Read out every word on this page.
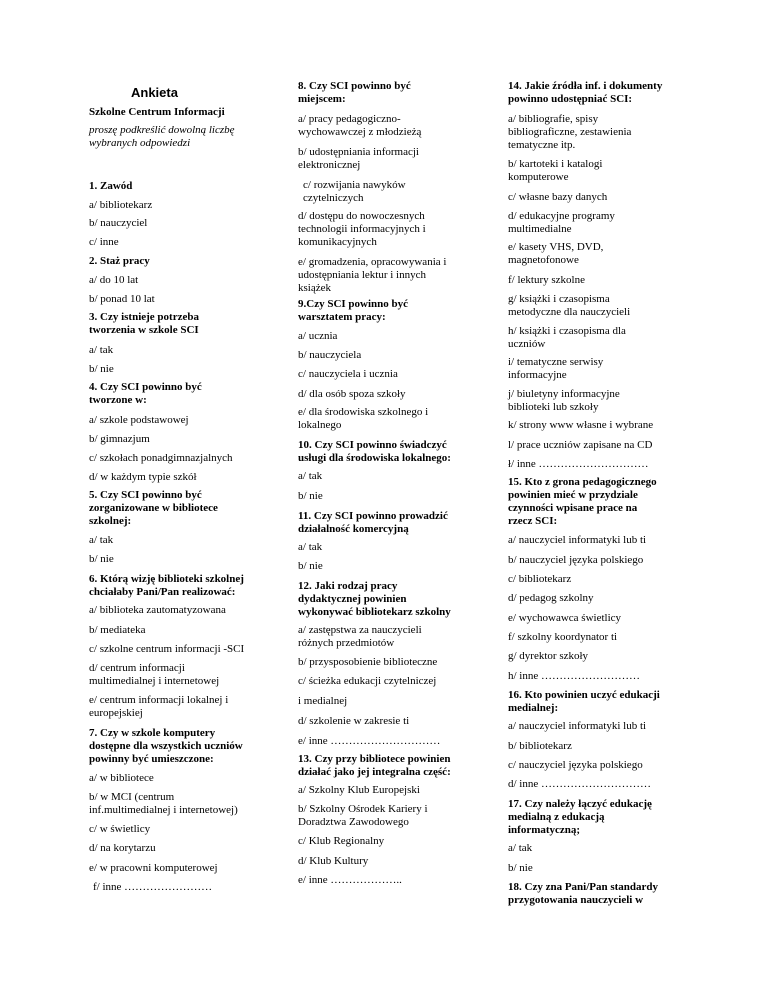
Ankieta
Szkolne Centrum Informacji
proszę podkreślić dowolną liczbę
wybranych odpowiedzi
1. Zawód
a/ bibliotekarz
b/ nauczyciel
c/ inne
2. Staż pracy
a/ do 10 lat
b/ ponad 10 lat
3. Czy istnieje potrzeba
tworzenia w szkole SCI
a/ tak
b/ nie
4. Czy SCI powinno być
tworzone w:
a/ szkole podstawowej
b/ gimnazjum
c/ szkołach ponadgimnazjalnych
d/ w każdym typie szkół
5. Czy SCI powinno być
zorganizowane w bibliotece
szkolnej:
a/ tak
b/ nie
6. Którą wizję biblioteki szkolnej
chciałaby Pani/Pan realizować:
a/ biblioteka zautomatyzowana
b/ mediateka
c/ szkolne centrum informacji -SCI
d/ centrum informacji
multimedialnej i internetowej
e/ centrum informacji lokalnej i
europejskiej
7. Czy w szkole komputery
dostępne dla wszystkich uczniów
powinny być umieszczone:
a/ w bibliotece
b/ w MCI (centrum
inf.multimedialnej i internetowej)
c/ w świetlicy
d/ na korytarzu
e/ w pracowni komputerowej
f/ inne ……………………
8. Czy SCI powinno być
miejscem:
a/ pracy pedagogiczno-
wychowawczej z młodzieżą
b/ udostępniania informacji
elektronicznej
c/ rozwijania nawyków
czytelniczych
d/ dostępu do nowoczesnych
technologii informacyjnych i
komunikacyjnych
e/ gromadzenia, opracowywania i
udostępniania lektur i innych
książek
9.Czy SCI powinno być
warsztatem pracy:
a/ ucznia
b/ nauczyciela
c/ nauczyciela i ucznia
d/ dla osób spoza szkoły
e/ dla środowiska szkolnego i
lokalnego
10. Czy SCI powinno świadczyć
usługi dla środowiska lokalnego:
a/ tak
b/ nie
11. Czy SCI powinno prowadzić
działalność komercyjną
a/ tak
b/ nie
12. Jaki rodzaj pracy
dydaktycznej powinien
wykonywać bibliotekarz szkolny
a/ zastępstwa za nauczycieli
różnych przedmiotów
b/ przysposobienie biblioteczne
c/ ścieżka edukacji czytelniczej
i medialnej
d/ szkolenie w zakresie ti
e/ inne …………………………
13. Czy przy bibliotece powinien
działać jako jej integralna część:
a/ Szkolny Klub Europejski
b/ Szkolny Ośrodek Kariery i
Doradztwa Zawodowego
c/ Klub Regionalny
d/ Klub Kultury
e/ inne ………………..
14. Jakie źródła inf. i dokumenty
powinno udostępniać SCI:
a/ bibliografie, spisy
bibliograficzne, zestawienia
tematyczne itp.
b/ kartoteki i katalogi
komputerowe
c/ własne bazy danych
d/ edukacyjne programy
multimedialne
e/ kasety VHS, DVD,
magnetofonowe
f/ lektury szkolne
g/ książki i czasopisma
metodyczne dla nauczycieli
h/ książki i czasopisma dla
uczniów
i/ tematyczne serwisy
informacyjne
j/ biuletyny informacyjne
biblioteki lub szkoły
k/ strony www własne i wybrane
l/ prace uczniów zapisane na CD
ł/ inne …………………………
15. Kto z grona pedagogicznego
powinien mieć w przydziale
czynności wpisane prace na
rzecz SCI:
a/ nauczyciel informatyki lub ti
b/ nauczyciel języka polskiego
c/ bibliotekarz
d/ pedagog szkolny
e/ wychowawca świetlicy
f/ szkolny koordynator ti
g/ dyrektor szkoły
h/ inne ………………………
16. Kto powinien uczyć edukacji
medialnej:
a/ nauczyciel informatyki lub ti
b/ bibliotekarz
c/ nauczyciel języka polskiego
d/ inne …………………………
17. Czy należy łączyć edukację
medialną z edukacją
informatyczną;
a/ tak
b/ nie
18. Czy zna Pani/Pan standardy
przygotowania nauczycieli w
